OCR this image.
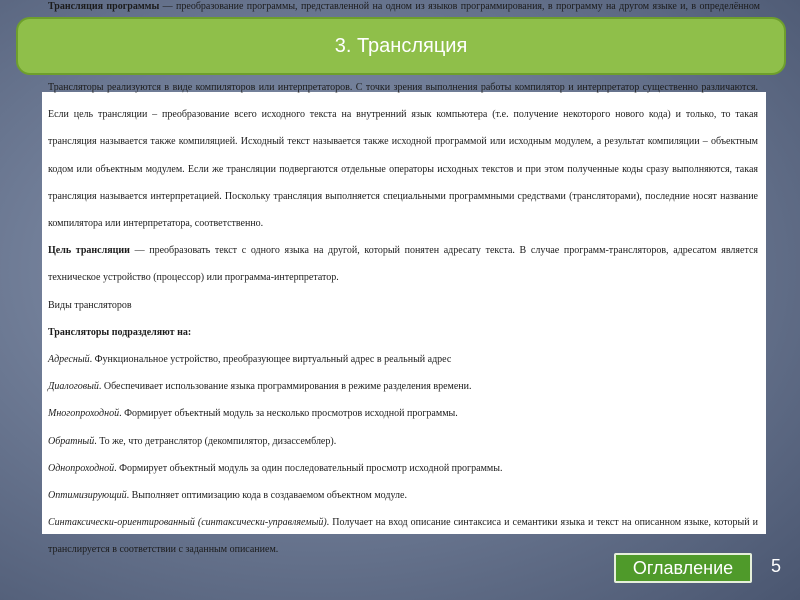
Трансляция программы — преобразование программы, представленной на одном из языков программирования, в программу на другом языке и, в определённом
3. Трансляция

Трансляторы реализуются в виде компиляторов или интерпретаторов. С точки зрения выполнения работы компилятор и интерпретатор существенно различаются. Если цель трансляции – преобразование всего исходного текста на внутренний язык компьютера (т.е. получение некоторого нового кода) и только, то такая трансляция называется также компиляцией. Исходный текст называется также исходной программой или исходным модулем, а результат компиляции – объектным кодом или объектным модулем. Если же трансляции подвергаются отдельные операторы исходных текстов и при этом полученные коды сразу выполняются, такая трансляция называется интерпретацией. Поскольку трансляция выполняется специальными программными средствами (трансляторами), последние носят название компилятора или интерпретатора, соответственно.

Цель трансляции — преобразовать текст с одного языка на другой, который понятен адресату текста. В случае программ-трансляторов, адресатом является техническое устройство (процессор) или программа-интерпретатор.

Виды трансляторов

Трансляторы подразделяют на:

Адресный. Функциональное устройство, преобразующее виртуальный адрес в реальный адрес

Диалоговый. Обеспечивает использование языка программирования в режиме разделения времени.

Многопроходной. Формирует объектный модуль за несколько просмотров исходной программы.

Обратный. То же, что детранслятор (декомпилятор, дизассемблер).

Однопроходной. Формирует объектный модуль за один последовательный просмотр исходной программы.

Оптимизирующий. Выполняет оптимизацию кода в создаваемом объектном модуле.

Синтаксически-ориентированный (синтаксически-управляемый). Получает на вход описание синтаксиса и семантики языка и текст на описанном языке, который и транслируется в соответствии с заданным описанием.

Оглавление 5
